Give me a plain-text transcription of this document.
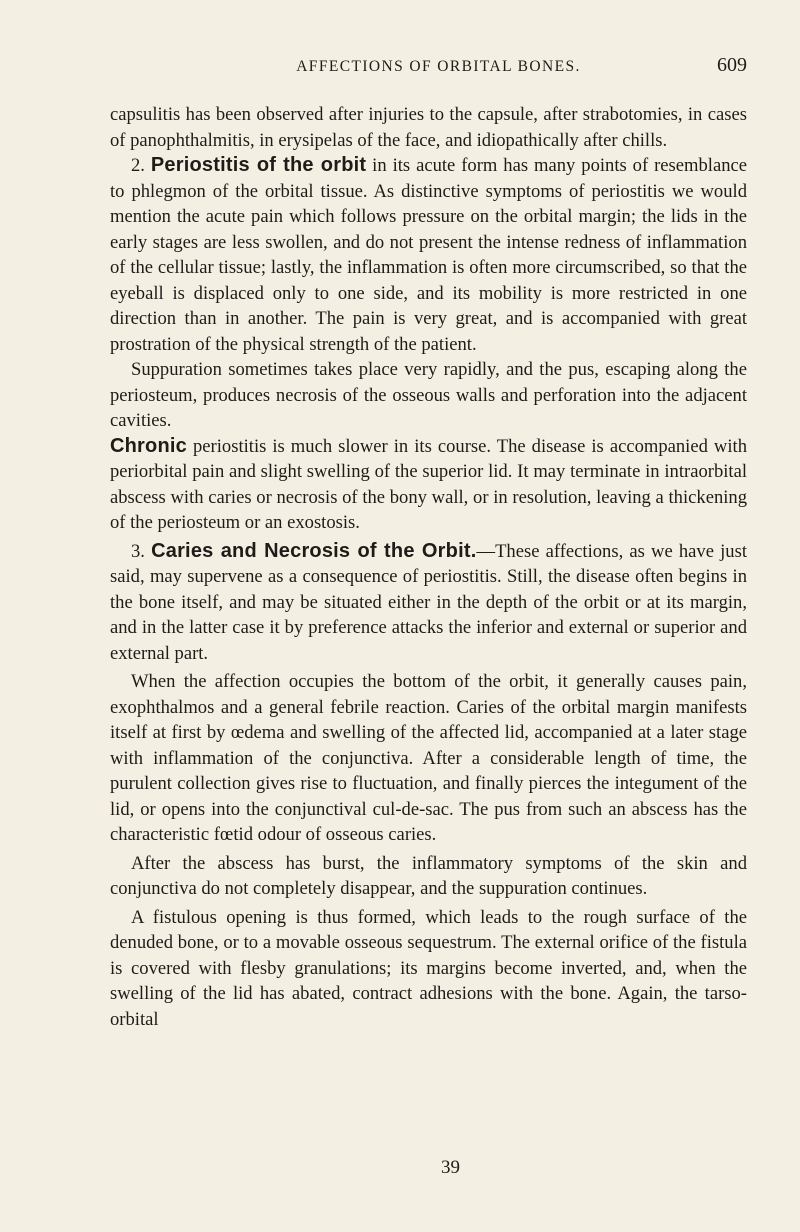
AFFECTIONS OF ORBITAL BONES.	609

capsulitis has been observed after injuries to the capsule, after strabotomies, in cases of panophthalmitis, in erysipelas of the face, and idiopathically after chills.

2. Periostitis of the orbit in its acute form has many points of resemblance to phlegmon of the orbital tissue. As distinctive symptoms of periostitis we would mention the acute pain which follows pressure on the orbital margin; the lids in the early stages are less swollen, and do not present the intense redness of inflammation of the cellular tissue; lastly, the inflammation is often more circumscribed, so that the eyeball is displaced only to one side, and its mobility is more restricted in one direction than in another. The pain is very great, and is accompanied with great prostration of the physical strength of the patient.

Suppuration sometimes takes place very rapidly, and the pus, escaping along the periosteum, produces necrosis of the osseous walls and perforation into the adjacent cavities.

Chronic periostitis is much slower in its course. The disease is accompanied with periorbital pain and slight swelling of the superior lid. It may terminate in intraorbital abscess with caries or necrosis of the bony wall, or in resolution, leaving a thickening of the periosteum or an exostosis.

3. Caries and Necrosis of the Orbit.—These affections, as we have just said, may supervene as a consequence of periostitis. Still, the disease often begins in the bone itself, and may be situated either in the depth of the orbit or at its margin, and in the latter case it by preference attacks the inferior and external or superior and external part.

When the affection occupies the bottom of the orbit, it generally causes pain, exophthalmos and a general febrile reaction. Caries of the orbital margin manifests itself at first by œdema and swelling of the affected lid, accompanied at a later stage with inflammation of the conjunctiva. After a considerable length of time, the purulent collection gives rise to fluctuation, and finally pierces the integument of the lid, or opens into the conjunctival cul-de-sac. The pus from such an abscess has the characteristic fœtid odour of osseous caries.

After the abscess has burst, the inflammatory symptoms of the skin and conjunctiva do not completely disappear, and the suppuration continues.

A fistulous opening is thus formed, which leads to the rough surface of the denuded bone, or to a movable osseous sequestrum. The external orifice of the fistula is covered with flesby granulations; its margins become inverted, and, when the swelling of the lid has abated, contract adhesions with the bone. Again, the tarso-orbital

39
